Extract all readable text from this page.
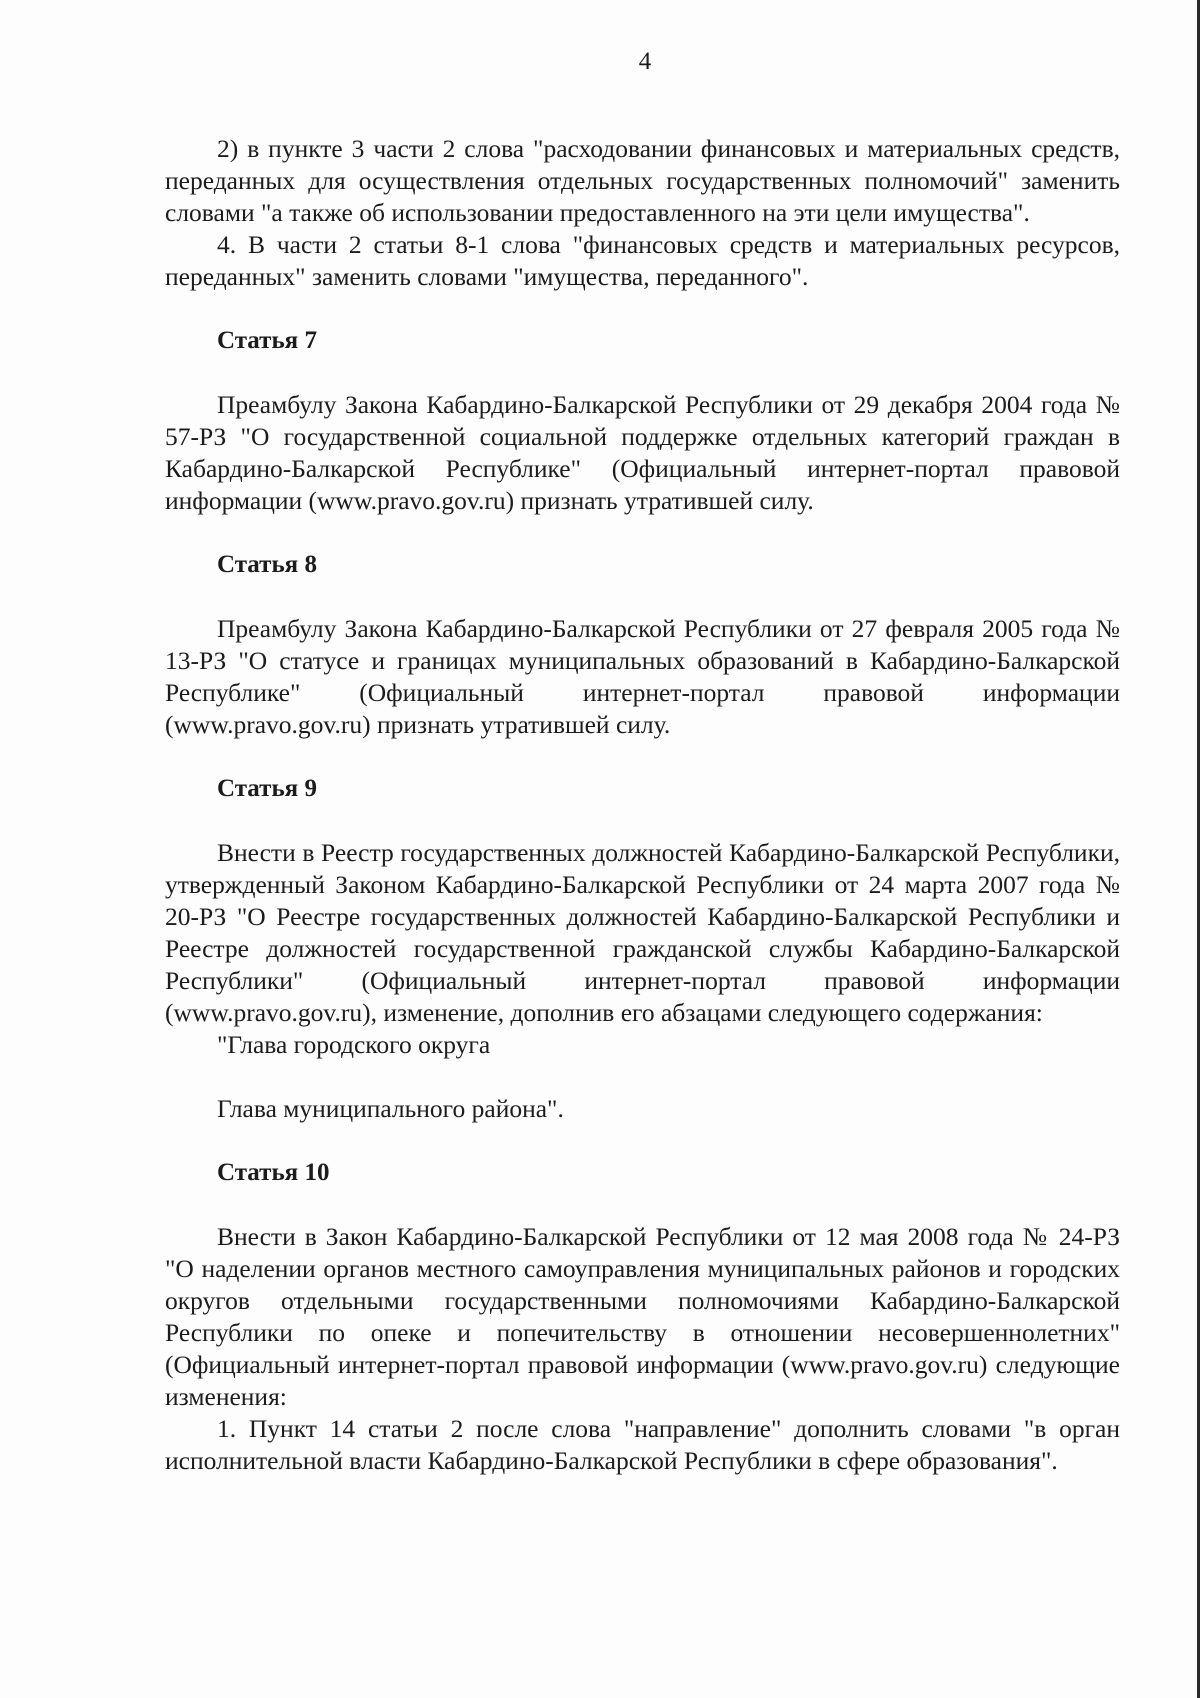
4

2) в пункте 3 части 2 слова "расходовании финансовых и материальных средств, переданных для осуществления отдельных государственных полномочий" заменить словами "а также об использовании предоставленного на эти цели имущества".

4. В части 2 статьи 8-1 слова "финансовых средств и материальных ресурсов, переданных" заменить словами "имущества, переданного".

Статья 7

Преамбулу Закона Кабардино-Балкарской Республики от 29 декабря 2004 года № 57-РЗ "О государственной социальной поддержке отдельных категорий граждан в Кабардино-Балкарской Республике" (Официальный интернет-портал правовой информации (www.pravo.gov.ru) признать утратившей силу.

Статья 8

Преамбулу Закона Кабардино-Балкарской Республики от 27 февраля 2005 года № 13-РЗ "О статусе и границах муниципальных образований в Кабардино-Балкарской Республике" (Официальный интернет-портал правовой информации (www.pravo.gov.ru) признать утратившей силу.

Статья 9

Внести в Реестр государственных должностей Кабардино-Балкарской Республики, утвержденный Законом Кабардино-Балкарской Республики от 24 марта 2007 года № 20-РЗ "О Реестре государственных должностей Кабардино-Балкарской Республики и Реестре должностей государственной гражданской службы Кабардино-Балкарской Республики" (Официальный интернет-портал правовой информации (www.pravo.gov.ru), изменение, дополнив его абзацами следующего содержания:

"Глава городского округа

Глава муниципального района".

Статья 10

Внести в Закон Кабардино-Балкарской Республики от 12 мая 2008 года № 24-РЗ "О наделении органов местного самоуправления муниципальных районов и городских округов отдельными государственными полномочиями Кабардино-Балкарской Республики по опеке и попечительству в отношении несовершеннолетних" (Официальный интернет-портал правовой информации (www.pravo.gov.ru) следующие изменения:

1. Пункт 14 статьи 2 после слова "направление" дополнить словами "в орган исполнительной власти Кабардино-Балкарской Республики в сфере образования".
